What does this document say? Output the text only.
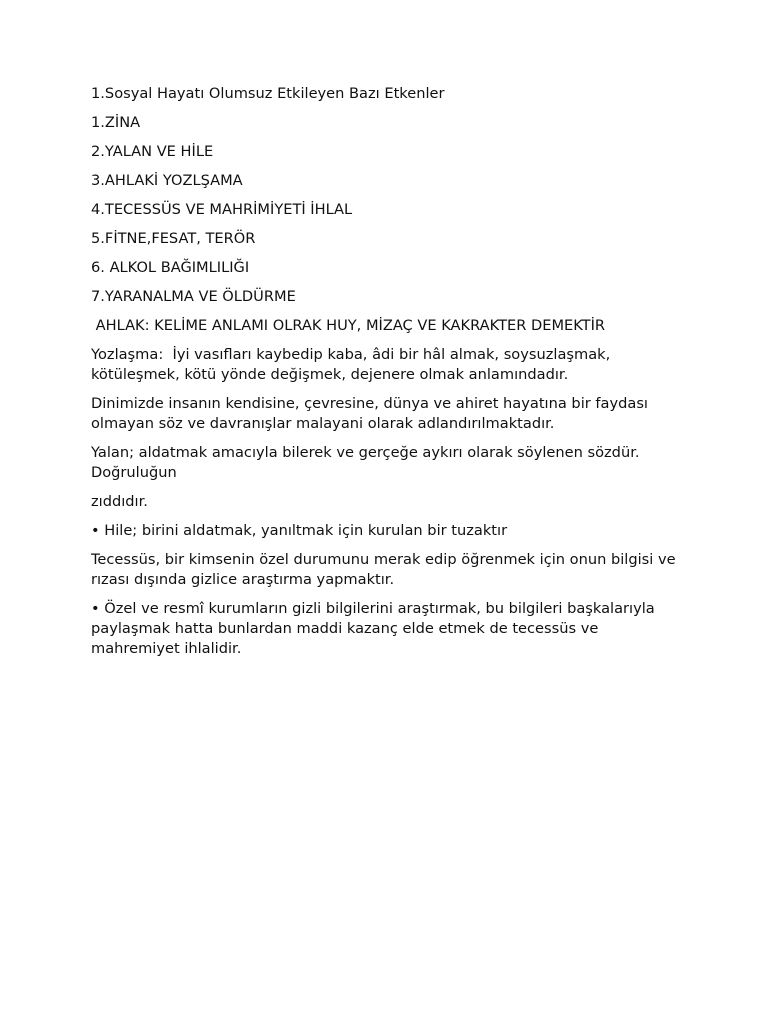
1.Sosyal Hayatı Olumsuz Etkileyen Bazı Etkenler

1.ZİNA

2.YALAN VE HİLE

3.AHLAKİ YOZLŞAMA

4.TECESSÜS VE MAHRİMİYETİ İHLAL

5.FİTNE,FESAT, TERÖR

6. ALKOL BAĞIMLILIĞI

7.YARANALMA VE ÖLDÜRME

AHLAK: KELİME ANLAMI OLRAK HUY, MİZAÇ VE KAKRAKTER DEMEKTİR

Yozlaşma:  İyi vasıfları kaybedip kaba, âdi bir hâl almak, soysuzlaşmak, kötüleşmek, kötü yönde değişmek, dejenere olmak anlamındadır.

Dinimizde insanın kendisine, çevresine, dünya ve ahiret hayatına bir faydası olmayan söz ve davranışlar malayani olarak adlandırılmaktadır.

Yalan; aldatmak amacıyla bilerek ve gerçeğe aykırı olarak söylenen sözdür. Doğruluğun

zıddıdır.

• Hile; birini aldatmak, yanıltmak için kurulan bir tuzaktır

Tecessüs, bir kimsenin özel durumunu merak edip öğrenmek için onun bilgisi ve rızası dışında gizlice araştırma yapmaktır.

• Özel ve resmî kurumların gizli bilgilerini araştırmak, bu bilgileri başkalarıyla paylaşmak hatta bunlardan maddi kazanç elde etmek de tecessüs ve mahremiyet ihlalidir.
